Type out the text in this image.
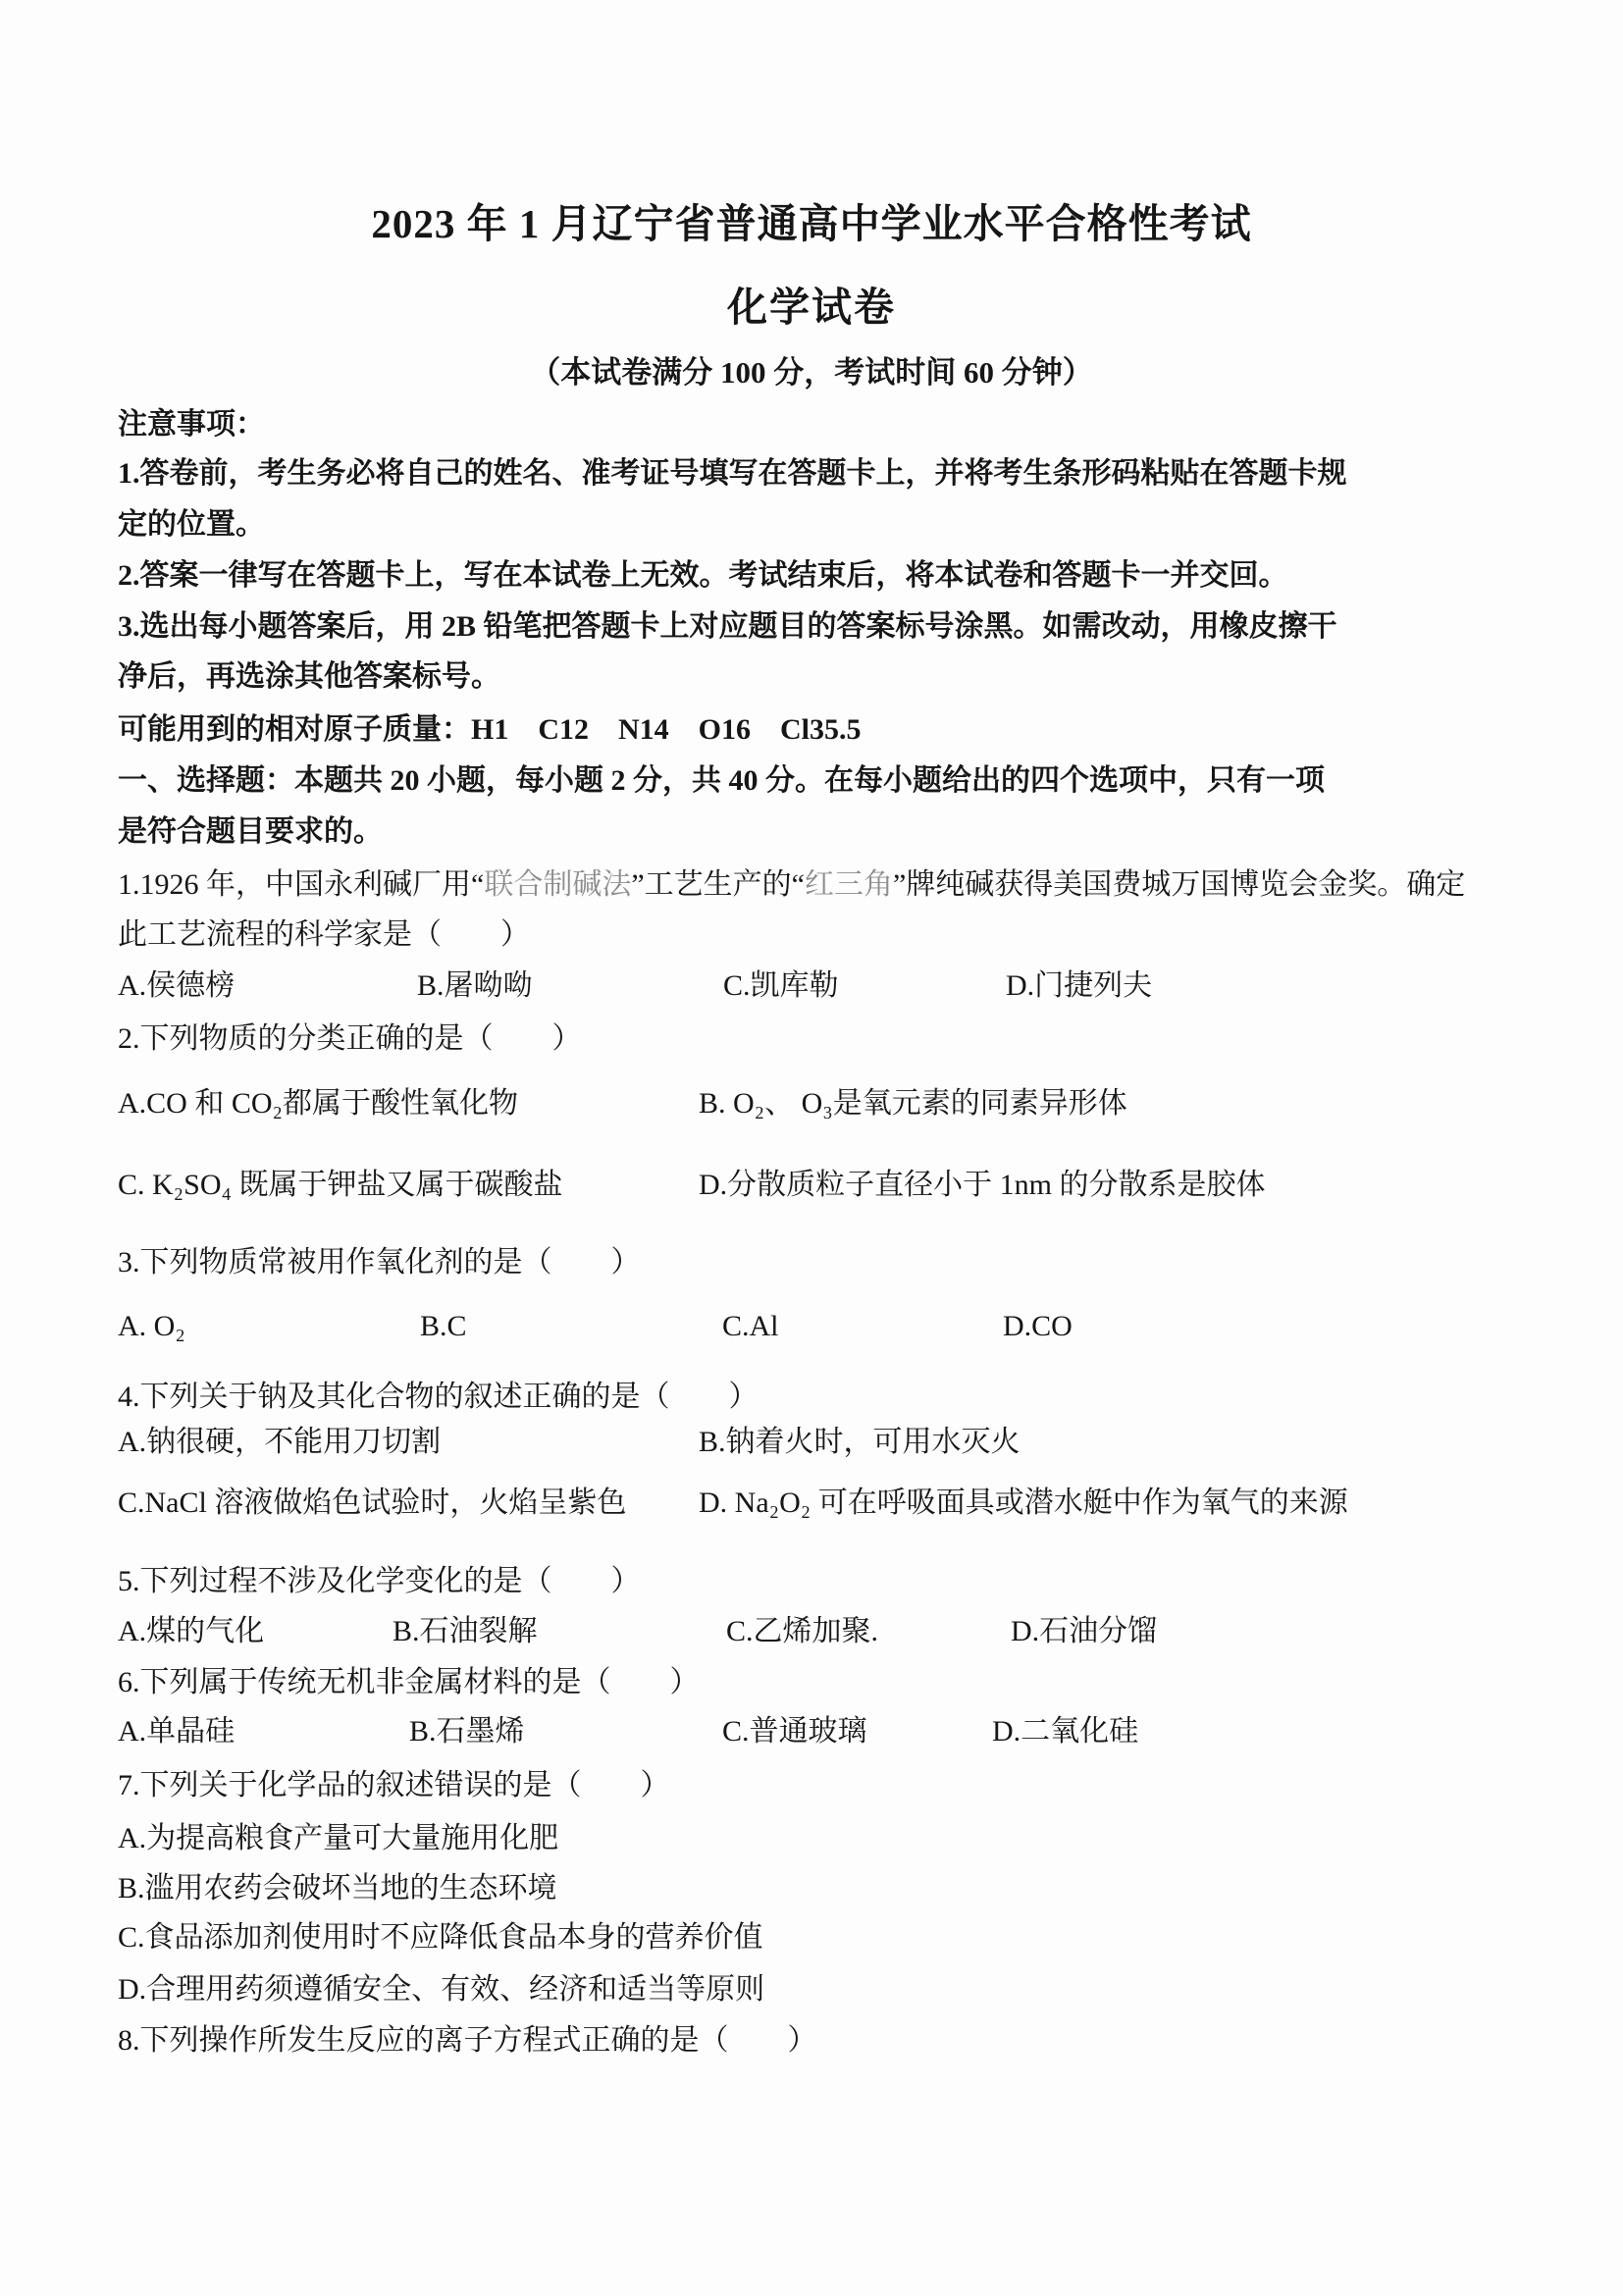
2023 年 1 月辽宁省普通高中学业水平合格性考试
化学试卷
（本试卷满分 100 分，考试时间 60 分钟）
注意事项：
1.答卷前，考生务必将自己的姓名、准考证号填写在答题卡上，并将考生条形码粘贴在答题卡规
定的位置。
2.答案一律写在答题卡上，写在本试卷上无效。考试结束后，将本试卷和答题卡一并交回。
3.选出每小题答案后，用 2B 铅笔把答题卡上对应题目的答案标号涂黑。如需改动，用橡皮擦干
净后，再选涂其他答案标号。
可能用到的相对原子质量：H1　C12　N14　O16　Cl35.5
一、选择题：本题共 20 小题，每小题 2 分，共 40 分。在每小题给出的四个选项中，只有一项
是符合题目要求的。
1.1926 年，中国永利碱厂用“联合制碱法”工艺生产的“红三角”牌纯碱获得美国费城万国博览会金奖。确定
此工艺流程的科学家是（　　）
A.侯德榜	B.屠呦呦	C.凯库勒	D.门捷列夫
2.下列物质的分类正确的是（　　）
A.CO 和 CO₂都属于酸性氧化物	B. O₂、 O₃是氧元素的同素异形体
C. K₂SO₄ 既属于钾盐又属于碳酸盐	D.分散质粒子直径小于 1nm 的分散系是胶体
3.下列物质常被用作氧化剂的是（　　）
A. O₂	B.C	C.Al	D.CO
4.下列关于钠及其化合物的叙述正确的是（　　）
A.钠很硬，不能用刀切割	B.钠着火时，可用水灭火
C.NaCl 溶液做焰色试验时，火焰呈紫色 D. Na₂O₂ 可在呼吸面具或潜水艇中作为氧气的来源
5.下列过程不涉及化学变化的是（　　）
A.煤的气化	B.石油裂解	C.乙烯加聚.	D.石油分馏
6.下列属于传统无机非金属材料的是（　　）
A.单晶硅	B.石墨烯	C.普通玻璃	D.二氧化硅
7.下列关于化学品的叙述错误的是（　　）
A.为提高粮食产量可大量施用化肥
B.滥用农药会破坏当地的生态环境
C.食品添加剂使用时不应降低食品本身的营养价值
D.合理用药须遵循安全、有效、经济和适当等原则
8.下列操作所发生反应的离子方程式正确的是（　　）
